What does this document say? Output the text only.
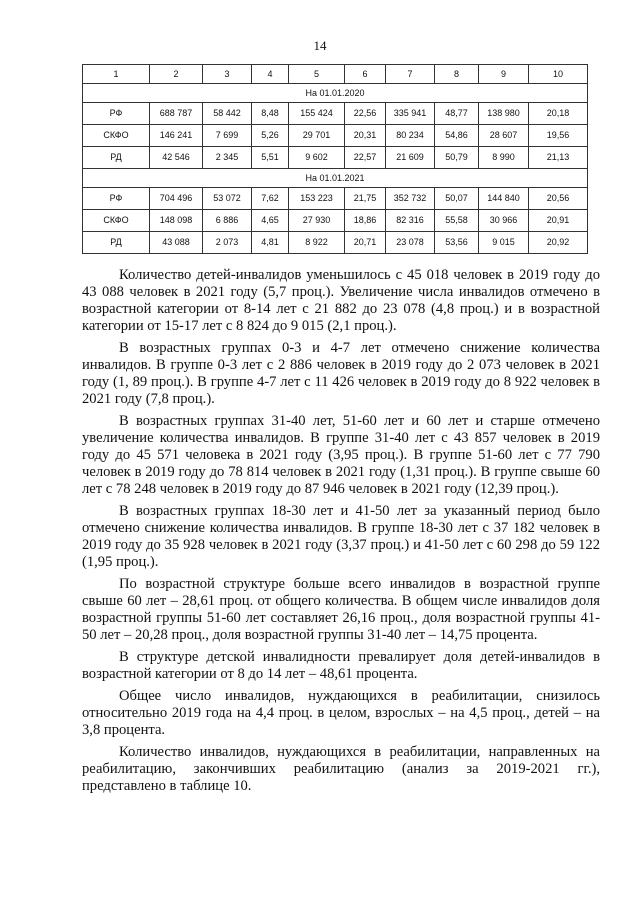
14
1	2	3	4	5	6	7	8	9	10
На 01.01.2020									
РФ	688 787	58 442	8,48	155 424	22,56	335 941	48,77	138 980	20,18
СКФО	146 241	7 699	5,26	29 701	20,31	80 234	54,86	28 607	19,56
РД	42 546	2 345	5,51	9 602	22,57	21 609	50,79	8 990	21,13
На 01.01.2021									
РФ	704 496	53 072	7,62	153 223	21,75	352 732	50,07	144 840	20,56
СКФО	148 098	6 886	4,65	27 930	18,86	82 316	55,58	30 966	20,91
РД	43 088	2 073	4,81	8 922	20,71	23 078	53,56	9 015	20,92

Количество детей-инвалидов уменьшилось с 45 018 человек в 2019 году до 43 088 человек в 2021 году (5,7 проц.). Увеличение числа инвалидов отмечено в возрастной категории от 8-14 лет с 21 882 до 23 078 (4,8 проц.) и в возрастной категории от 15-17 лет с 8 824 до 9 015 (2,1 проц.).

В возрастных группах 0-3 и 4-7 лет отмечено снижение количества инвалидов. В группе 0-3 лет с 2 886 человек в 2019 году до 2 073 человек в 2021 году (1, 89 проц.). В группе 4-7 лет с 11 426 человек в 2019 году до 8 922 человек в 2021 году (7,8 проц.).

В возрастных группах 31-40 лет, 51-60 лет и 60 лет и старше отмечено увеличение количества инвалидов. В группе 31-40 лет с 43 857 человек в 2019 году до 45 571 человека в 2021 году (3,95 проц.). В группе 51-60 лет с 77 790 человек в 2019 году до 78 814 человек в 2021 году (1,31 проц.). В группе свыше 60 лет с 78 248 человек в 2019 году до 87 946 человек в 2021 году (12,39 проц.).

В возрастных группах 18-30 лет и 41-50 лет за указанный период было отмечено снижение количества инвалидов. В группе 18-30 лет с 37 182 человек в 2019 году до 35 928 человек в 2021 году (3,37 проц.) и 41-50 лет с 60 298 до 59 122 (1,95 проц.).

По возрастной структуре больше всего инвалидов в возрастной группе свыше 60 лет – 28,61 проц. от общего количества. В общем числе инвалидов доля возрастной группы 51-60 лет составляет 26,16 проц., доля возрастной группы 41-50 лет – 20,28 проц., доля возрастной группы 31-40 лет – 14,75 процента.

В структуре детской инвалидности превалирует доля детей-инвалидов в возрастной категории от 8 до 14 лет – 48,61 процента.

Общее число инвалидов, нуждающихся в реабилитации, снизилось относительно 2019 года на 4,4 проц. в целом, взрослых – на 4,5 проц., детей – на 3,8 процента.

Количество инвалидов, нуждающихся в реабилитации, направленных на реабилитацию, закончивших реабилитацию (анализ за 2019-2021 гг.), представлено в таблице 10.
